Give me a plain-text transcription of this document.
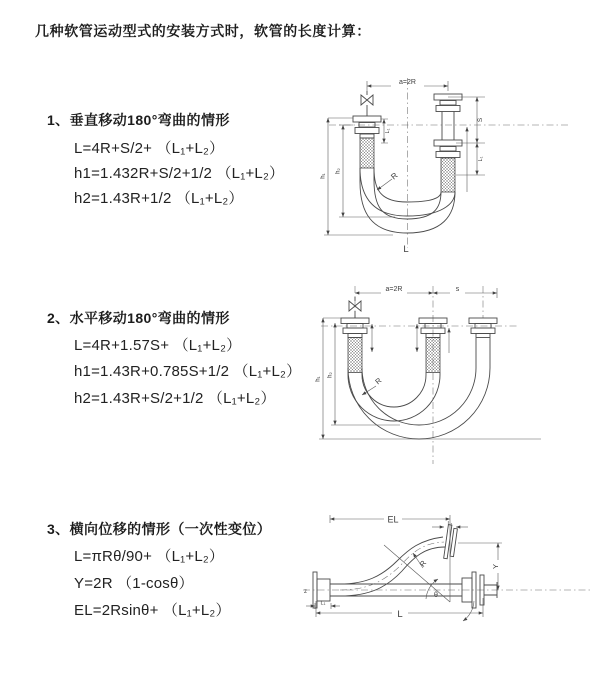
几种软管运动型式的安装方式时，软管的长度计算：
1、垂直移动180°弯曲的情形
L=4R+S/2+ （L₁+L₂）
h1=1.432R+S/2+1/2 （L₁+L₂）
h2=1.43R+1/2 （L₁+L₂）
2、水平移动180°弯曲的情形
L=4R+1.57S+ （L₁+L₂）
h1=1.43R+0.785S+1/2 （L₁+L₂）
h2=1.43R+S/2+1/2 （L₁+L₂）
3、横向位移的情形（一次性变位）
L=πRθ/90+ （L₁+L₂）
Y=2R （1-cosθ）
EL=2Rsinθ+ （L₁+L₂）
a=2R
h₁
h₂
L₁
S
L₁
R
L
a=2R	s
h₁
h₂
R
EL	L₁
Y
L
L₁
R
θ
z
